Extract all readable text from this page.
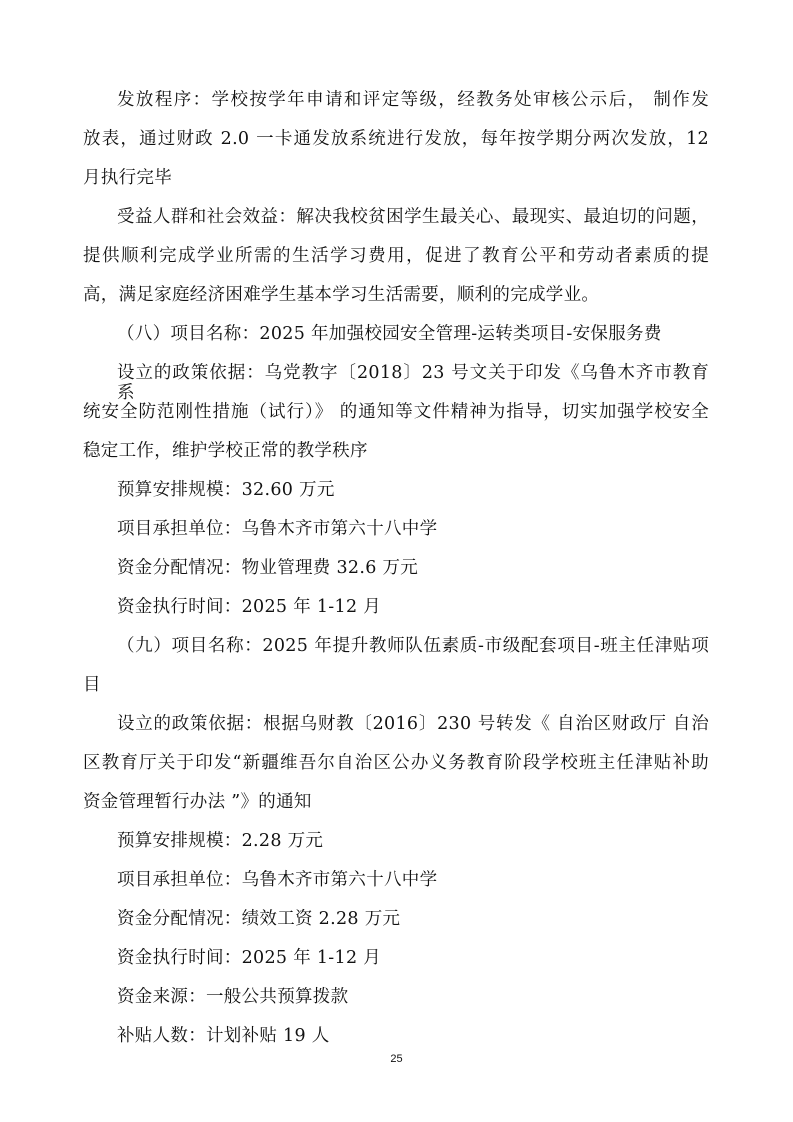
发放程序：学校按学年申请和评定等级，经教务处审核公示后， 制作发
放表，通过财政 2.0 一卡通发放系统进行发放，每年按学期分两次发放，12
月执行完毕
受益人群和社会效益：解决我校贫困学生最关心、最现实、最迫切的问题，
提供顺利完成学业所需的生活学习费用，促进了教育公平和劳动者素质的提
高，满足家庭经济困难学生基本学习生活需要，顺利的完成学业。
（八）项目名称：2025 年加强校园安全管理-运转类项目-安保服务费
设立的政策依据：乌党教字〔2018〕23 号文关于印发《乌鲁木齐市教育 系
统安全防范刚性措施（试行）》 的通知等文件精神为指导，切实加强学校安全
稳定工作，维护学校正常的教学秩序
预算安排规模：32.60 万元
项目承担单位：乌鲁木齐市第六十八中学
资金分配情况：物业管理费 32.6 万元
资金执行时间：2025 年 1-12 月
（九）项目名称：2025 年提升教师队伍素质-市级配套项目-班主任津贴项
目
设立的政策依据：根据乌财教〔2016〕230 号转发《 自治区财政厅 自治
区教育厅关于印发“新疆维吾尔自治区公办义务教育阶段学校班主任津贴补助
资金管理暂行办法 ”》的通知
预算安排规模：2.28 万元
项目承担单位：乌鲁木齐市第六十八中学
资金分配情况：绩效工资 2.28 万元
资金执行时间：2025 年 1-12 月
资金来源：一般公共预算拨款
补贴人数：计划补贴 19 人
25
